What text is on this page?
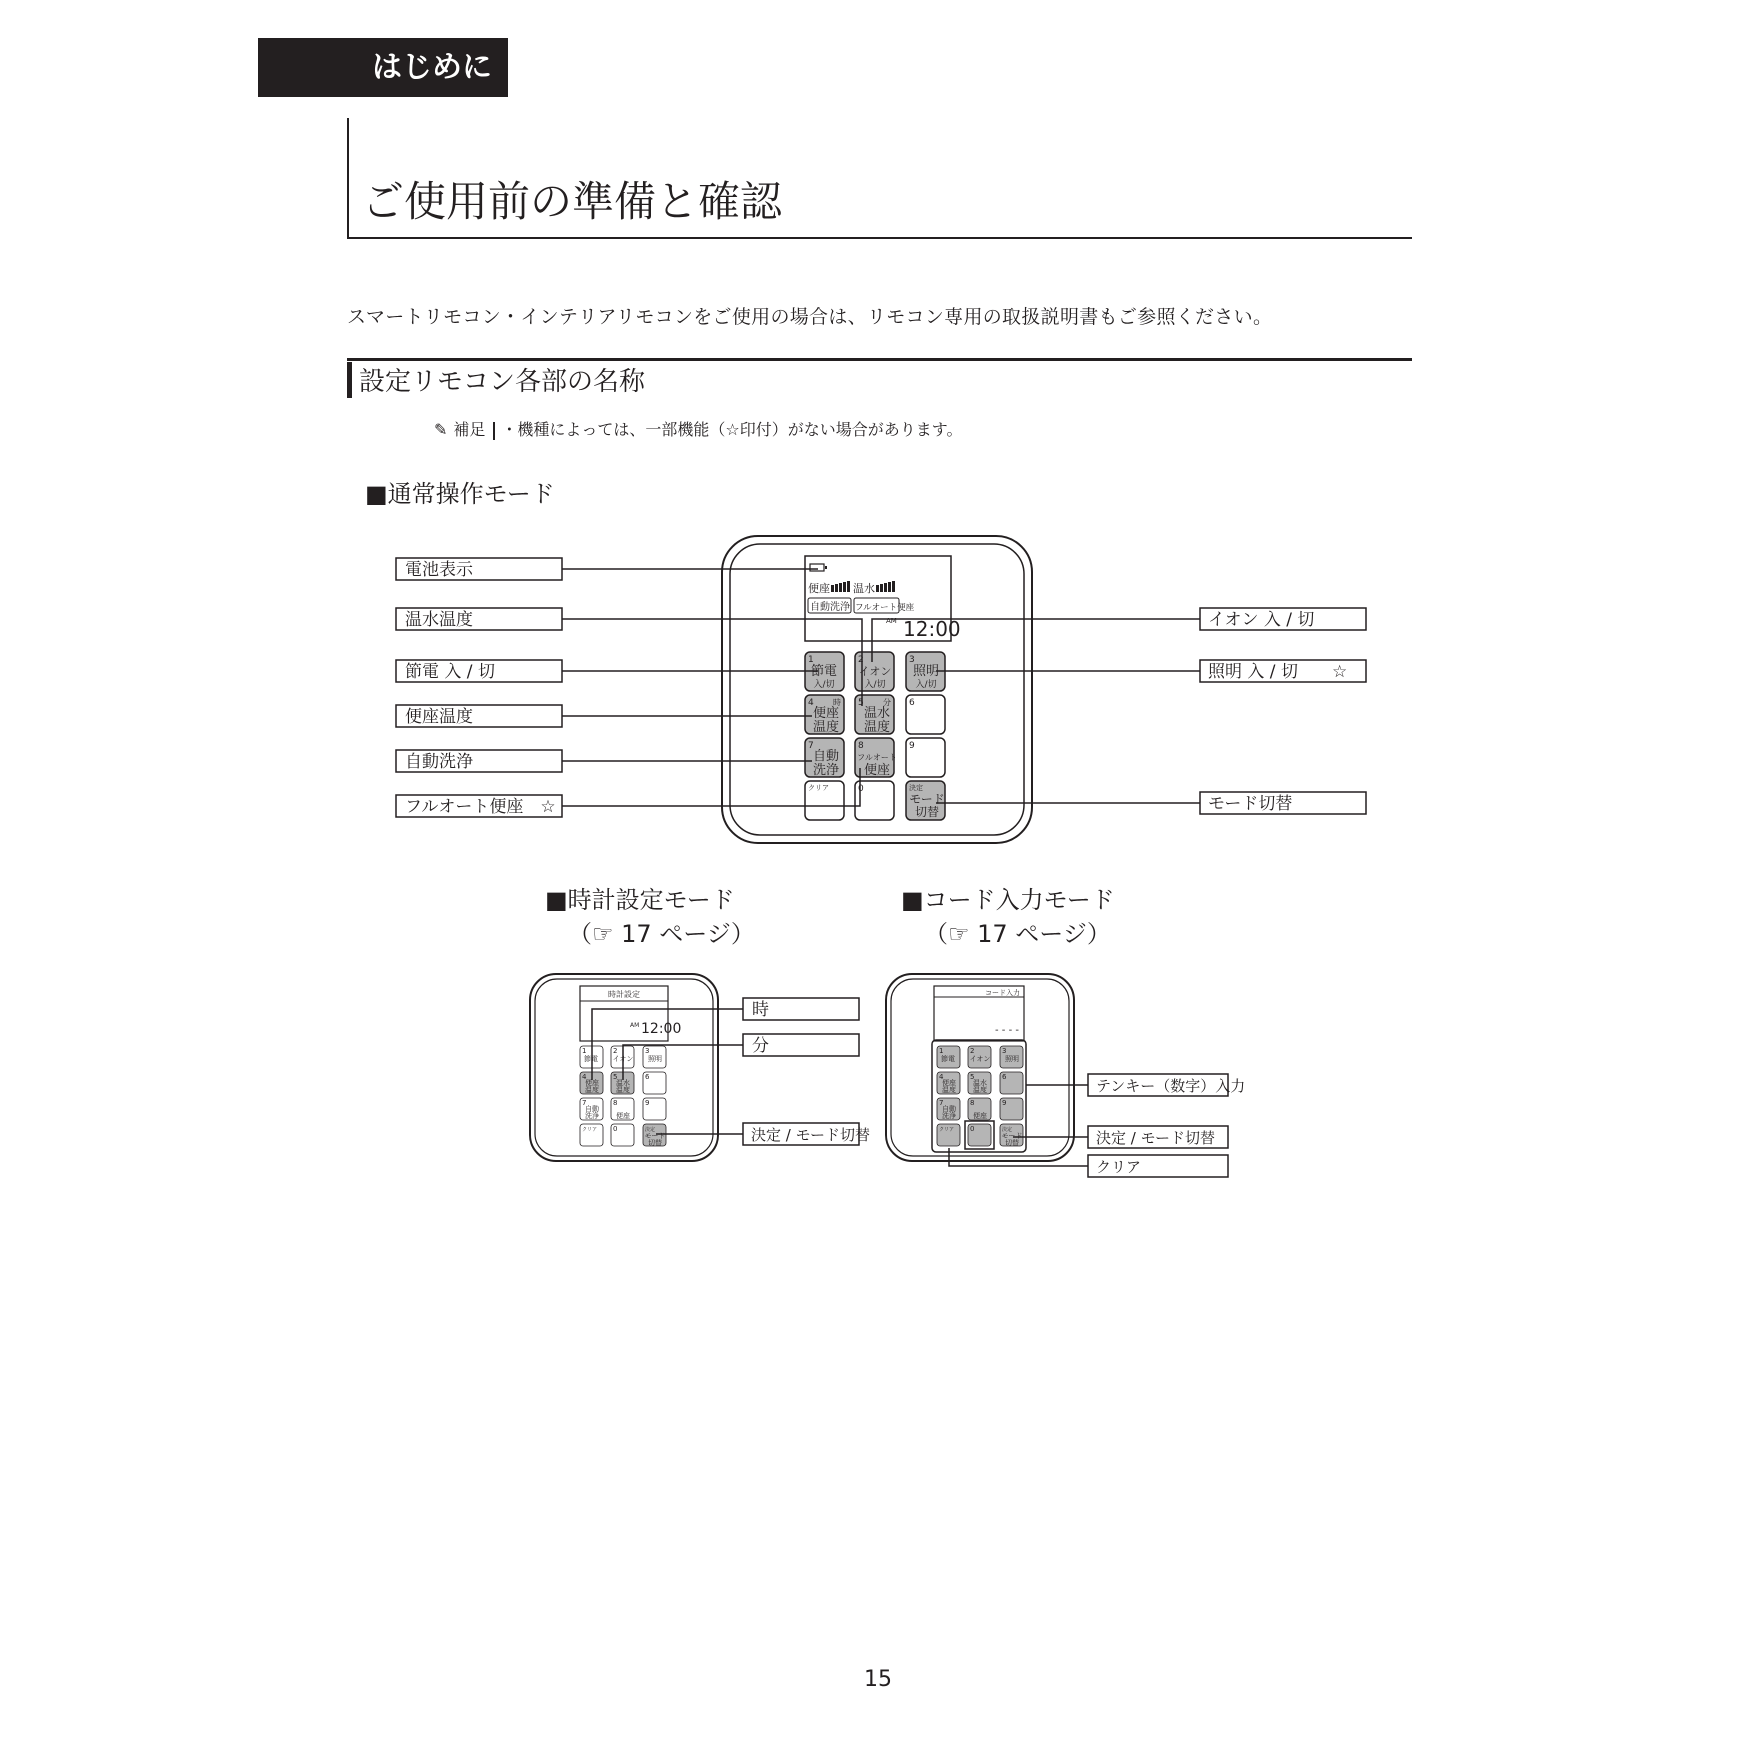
はじめに
ご使用前の準備と確認
スマートリモコン・インテリアリモコンをご使用の場合は、リモコン専用の取扱説明書もご参照ください。
設定リモコン各部の名称
✎ 補足 ・機種によっては、一部機能（☆印付）がない場合があります。
■通常操作モード
■時計設定モード
（☞ 17 ページ）
■コード入力モード
（☞ 17 ページ）
便座 温水
自動洗浄 フルオート便座
AM 12:00
1
節電
入/切
2
イオン
入/切
3
照明
入/切
4 時
便座
温度
5 分
温水
温度
6
7
自動
洗浄
8
フルオート
便座
9
クリア	0	決定
モード
切替
電池表示
温水温度
節電 入 / 切
便座温度
自動洗浄
フルオート便座　☆
イオン 入 / 切
照明 入 / 切　　☆
モード切替
時計設定
AM 12:00
1
節電
2
イオン
3
照明
4
便座
温度
5
温水
温度
6
7
自動
洗浄
8
便座
9
クリア 0	決定
モード
切替
時
分
決定 / モード切替
コード入力
- - - -
1
節電
2
イオン
3
照明
4
便座
温度
5
温水
温度
6
7
自動
洗浄
8
便座
9
クリア 0	決定
モード
切替
テンキー（数字）入力
決定 / モード切替
クリア
15
